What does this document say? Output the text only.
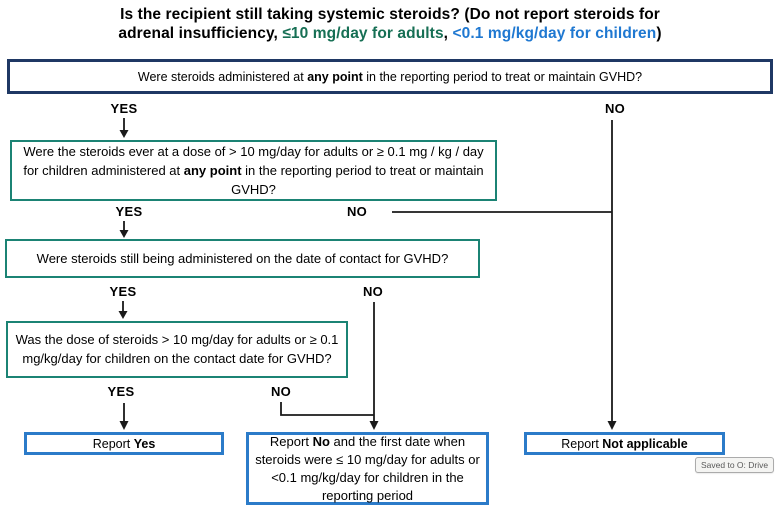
Is the recipient still taking systemic steroids? (Do not report steroids for
adrenal insufficiency, ≤10 mg/day for adults, <0.1 mg/kg/day for children)
Were steroids administered at any point in the reporting period to treat or maintain GVHD?
YES	NO
Were the steroids ever at a dose of > 10 mg/day for adults or ≥ 0.1 mg / kg / day for children administered at any point in the reporting period to treat or maintain GVHD?
YES	NO
Were steroids still being administered on the date of contact for GVHD?
YES	NO
Was the dose of steroids > 10 mg/day for adults or ≥ 0.1 mg/kg/day for children on the contact date for GVHD?
YES	NO
Report Yes	Report No and the first date when steroids were ≤ 10 mg/day for adults or <0.1 mg/kg/day for children in the reporting period
Report Not applicable
Saved to O: Drive
